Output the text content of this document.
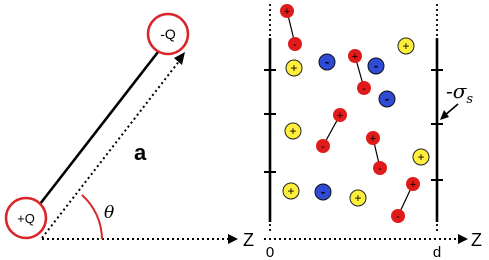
Z
θ
a
-Q
+Q
Z
0	d
$-\sigma_s$
+
-
+
-
+
-
+
-
+
-
+
+
+
+
+	+
-	-
-
-
